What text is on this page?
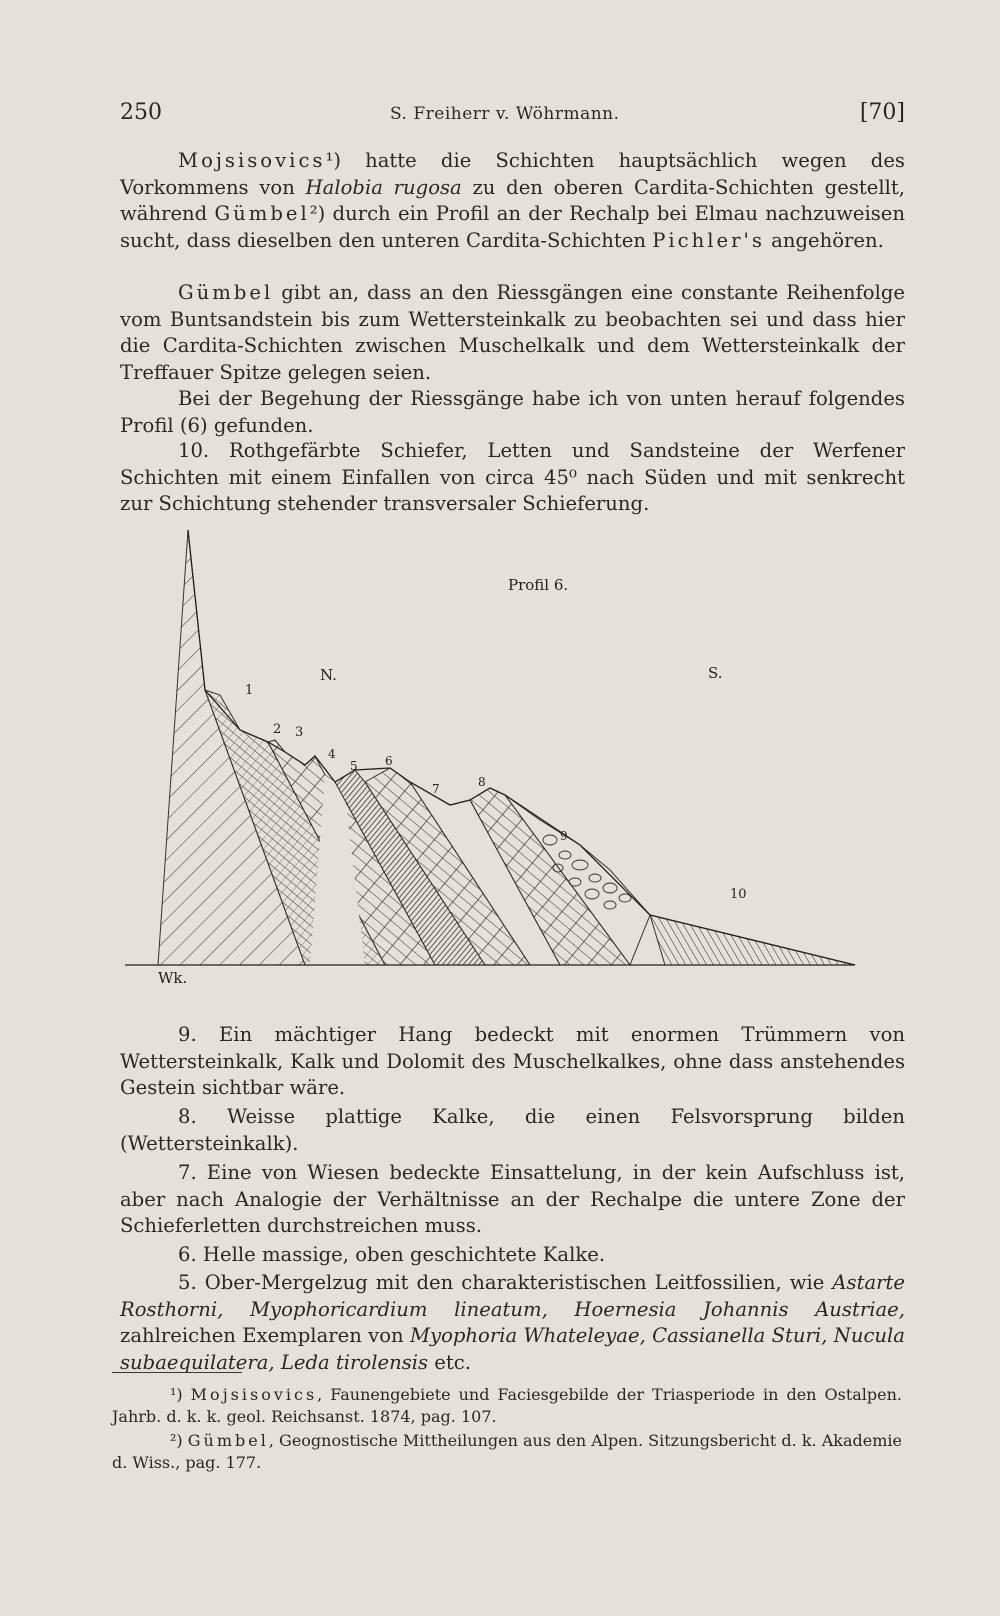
250	S. Freiherr v. Wöhrmann.	[70]

Mojsisovics¹) hatte die Schichten hauptsächlich wegen des Vorkommens von Halobia rugosa zu den oberen Cardita-Schichten gestellt, während Gümbel²) durch ein Profil an der Rechalp bei Elmau nachzuweisen sucht, dass dieselben den unteren Cardita-Schichten Pichler's angehören.

Gümbel gibt an, dass an den Riessgängen eine constante Reihenfolge vom Buntsandstein bis zum Wettersteinkalk zu beobachten sei und dass hier die Cardita-Schichten zwischen Muschelkalk und dem Wettersteinkalk der Treffauer Spitze gelegen seien.

Bei der Begehung der Riessgänge habe ich von unten herauf folgendes Profil (6) gefunden.

10. Rothgefärbte Schiefer, Letten und Sandsteine der Werfener Schichten mit einem Einfallen von circa 45⁰ nach Süden und mit senkrecht zur Schichtung stehender transversaler Schieferung.

Profil 6.
N.	S.
1
2 3
4
5 6
7	8
9
10
Wk.

9. Ein mächtiger Hang bedeckt mit enormen Trümmern von Wettersteinkalk, Kalk und Dolomit des Muschelkalkes, ohne dass anstehendes Gestein sichtbar wäre.

8. Weisse plattige Kalke, die einen Felsvorsprung bilden (Wettersteinkalk).

7. Eine von Wiesen bedeckte Einsattelung, in der kein Aufschluss ist, aber nach Analogie der Verhältnisse an der Rechalpe die untere Zone der Schieferletten durchstreichen muss.

6. Helle massige, oben geschichtete Kalke.

5. Ober-Mergelzug mit den charakteristischen Leitfossilien, wie Astarte Rosthorni, Myophoricardium lineatum, Hoernesia Johannis Austriae, zahlreichen Exemplaren von Myophoria Whateleyae, Cassianella Sturi, Nucula subaequilatera, Leda tirolensis etc.

¹) Mojsisovics, Faunengebiete und Faciesgebilde der Triasperiode in den Ostalpen. Jahrb. d. k. k. geol. Reichsanst. 1874, pag. 107.

²) Gümbel, Geognostische Mittheilungen aus den Alpen. Sitzungsbericht d. k. Akademie d. Wiss., pag. 177.
